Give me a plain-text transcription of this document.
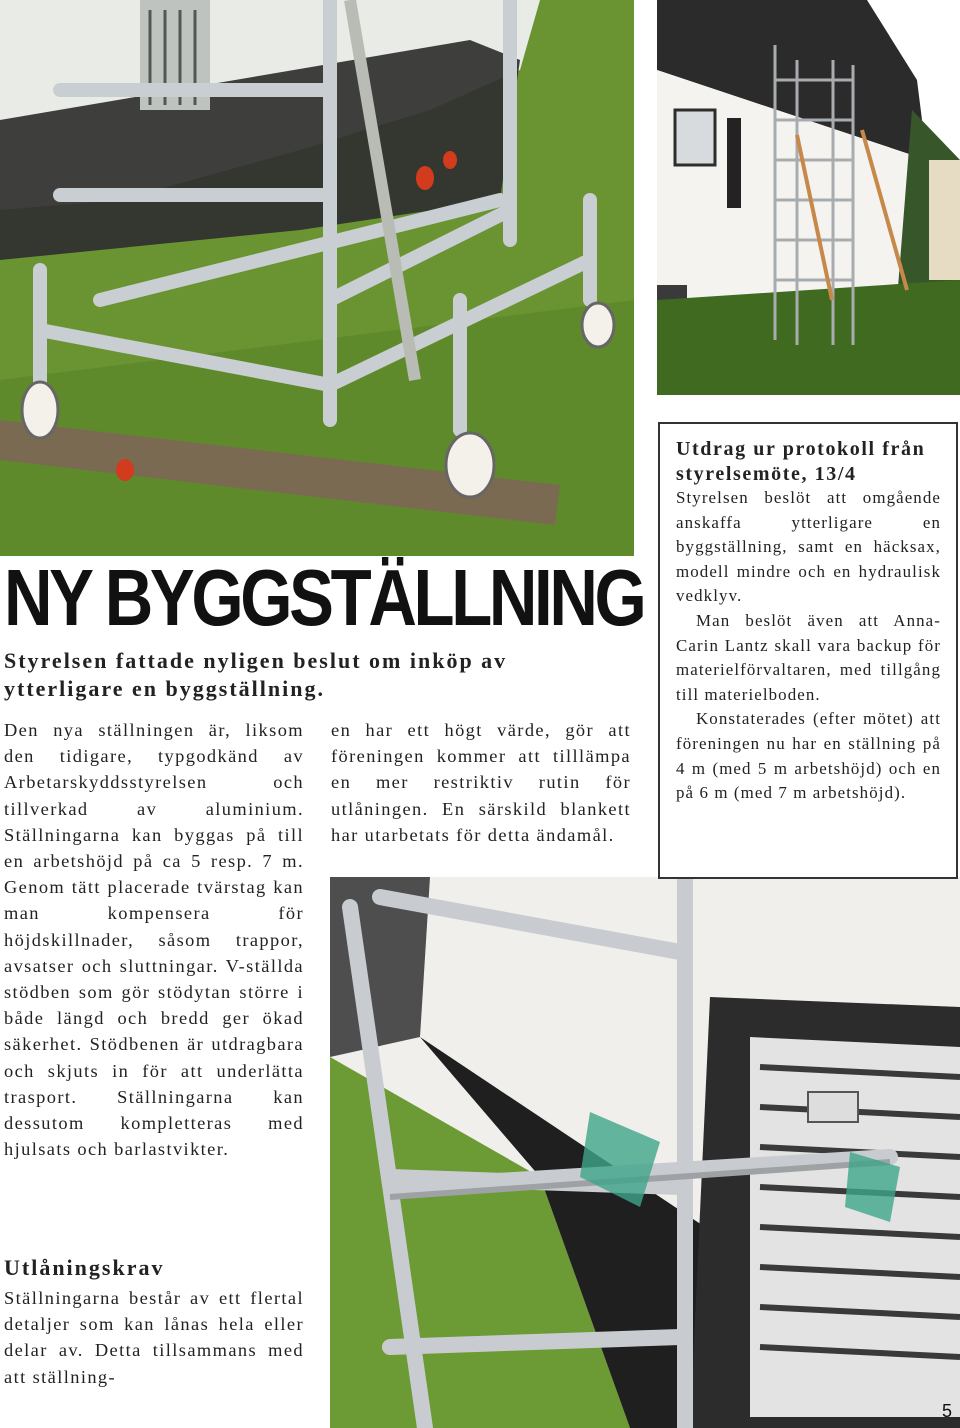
NY BYGGSTÄLLNING

Styrelsen fattade nyligen beslut om inköp av ytterligare en byggställning.

Den nya ställningen är, liksom den tidigare, typgodkänd av Arbetarskyddsstyrelsen och tillverkad av aluminium. Ställningarna kan byggas på till en arbetshöjd på ca 5 resp. 7 m. Genom tätt placerade tvärstag kan man kompensera för höjdskillnader, såsom trappor, avsatser och sluttningar. V-ställda stödben som gör stödytan större i både längd och bredd ger ökad säkerhet. Stödbenen är utdragbara och skjuts in för att underlätta trasport. Ställningarna kan dessutom kompletteras med hjulsats och barlastvikter.

en har ett högt värde, gör att föreningen kommer att tilllämpa en mer restriktiv rutin för utlåningen. En särskild blankett har utarbetats för detta ändamål.

Utlåningskrav

Ställningarna består av ett flertal detaljer som kan lånas hela eller delar av. Detta tillsammans med att ställning-

Utdrag ur protokoll från styrelsemöte, 13/4

Styrelsen beslöt att omgående anskaffa ytterligare en byggställning, samt en häcksax, modell mindre och en hydraulisk vedklyv.

Man beslöt även att Anna-Carin Lantz skall vara backup för materielförvaltaren, med tillgång till materielboden.

Konstaterades (efter mötet) att föreningen nu har en ställning på 4 m (med 5 m arbetshöjd) och en på 6 m (med 7 m arbetshöjd).

5
